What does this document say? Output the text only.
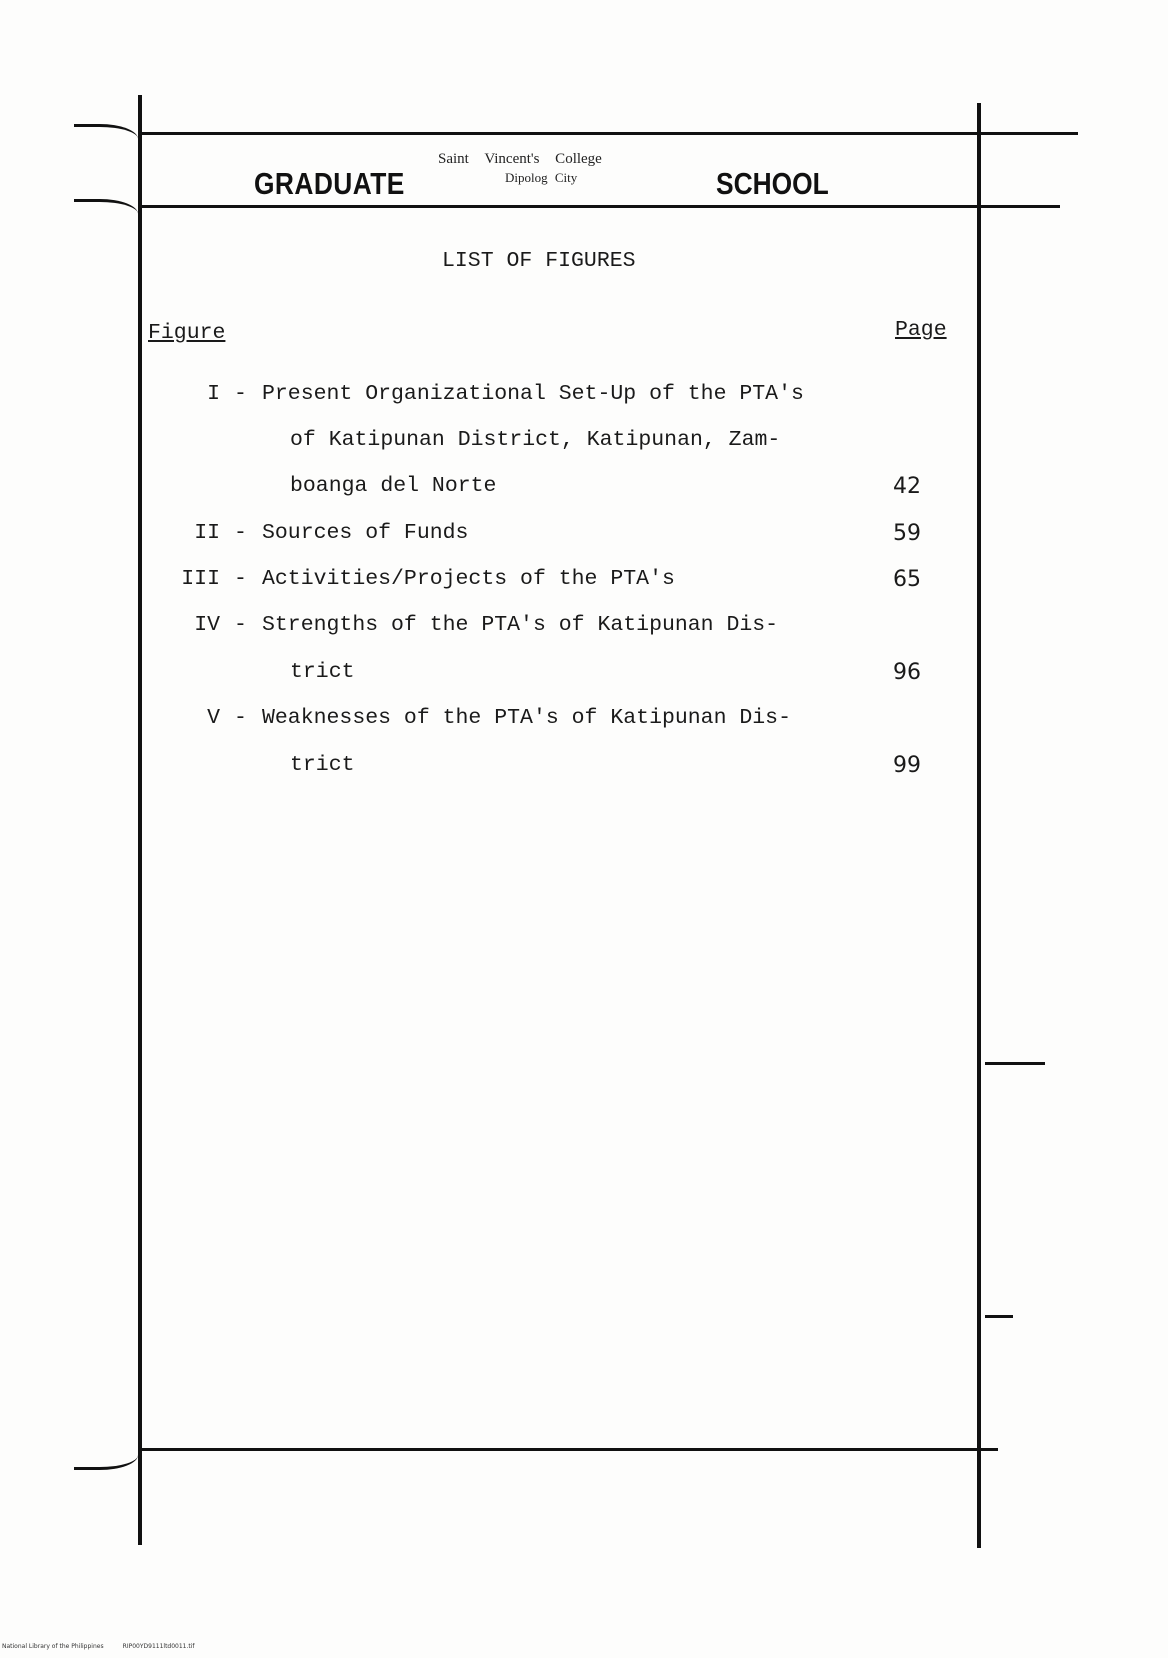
GRADUATE
Saint Vincent's College
Dipolog City	SCHOOL
LIST OF FIGURES
Figure	Page
I - Present Organizational Set-Up of the PTA's
of Katipunan District, Katipunan, Zam-
boanga del Norte	42
II - Sources of Funds	59
III - Activities/Projects of the PTA's	65
IV - Strengths of the PTA's of Katipunan Dis-
trict	96
V - Weaknesses of the PTA's of Katipunan Dis-
trict	99
National Library of the Philippines	RIP00YD9111ltd0011.tif
